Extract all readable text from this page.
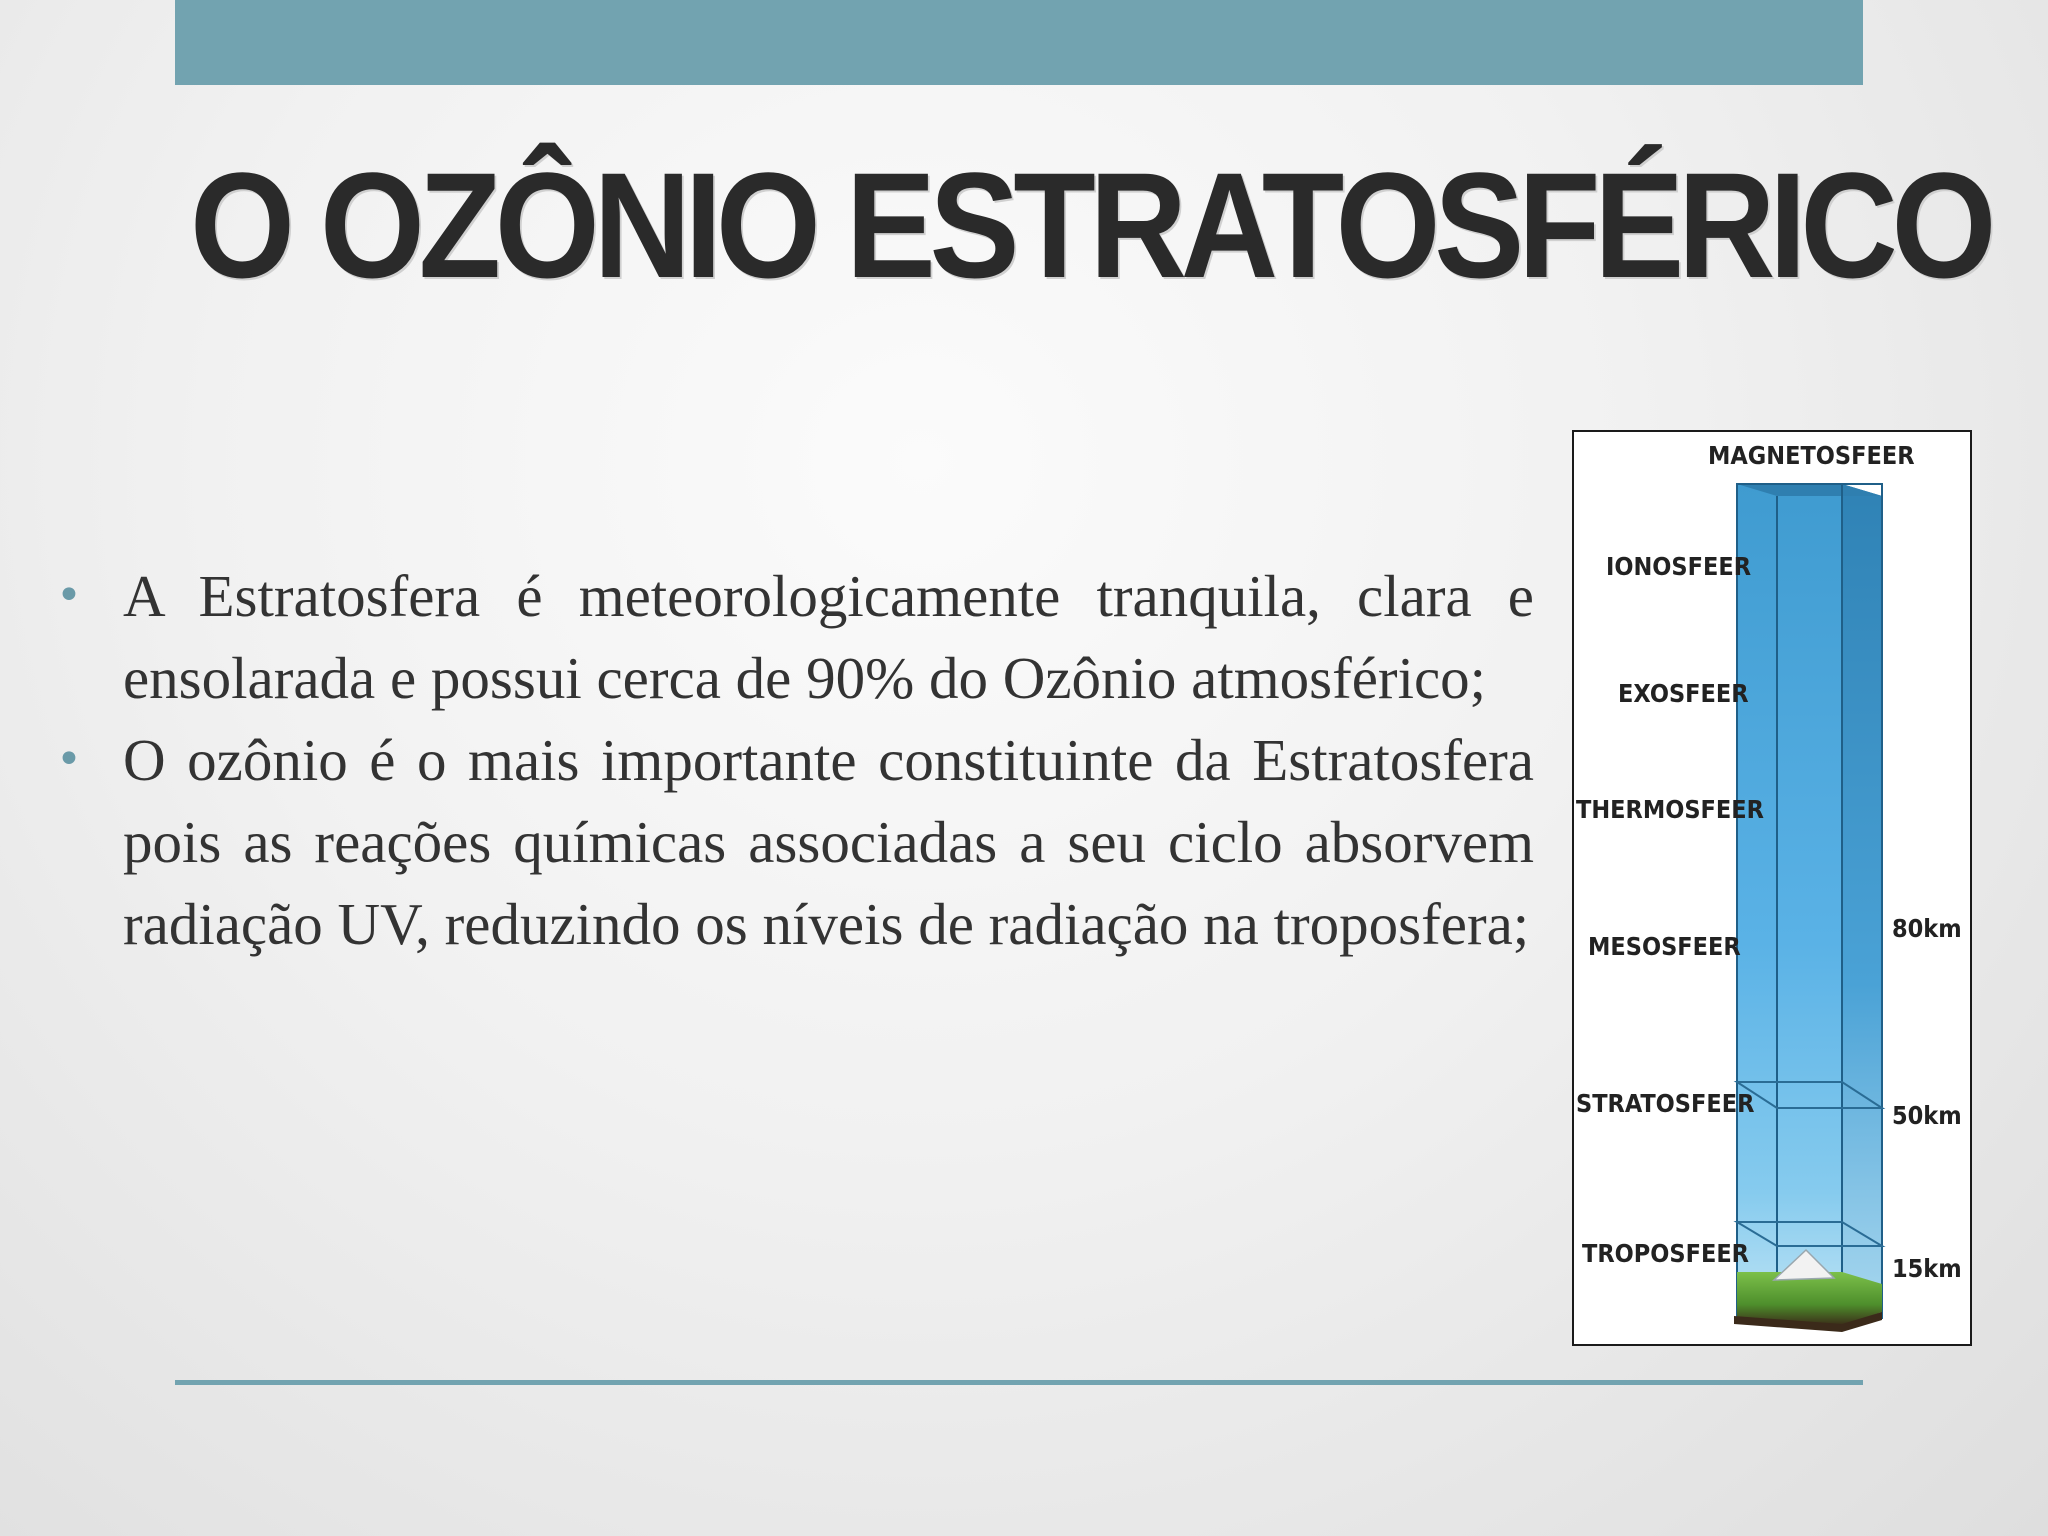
O OZÔNIO ESTRATOSFÉRICO
• A Estratosfera é meteorologicamente tranquila, clara e ensolarada e possui cerca de 90% do Ozônio atmosférico;
• O ozônio é o mais importante constituinte da Estratosfera pois as reações químicas associadas a seu ciclo absorvem radiação UV, reduzindo os níveis de radiação na troposfera;
MAGNETOSFEER
IONOSFEER
EXOSFEER
THERMOSFEER
MESOSFEER
STRATOSFEER
TROPOSFEER
80km
50km
15km
